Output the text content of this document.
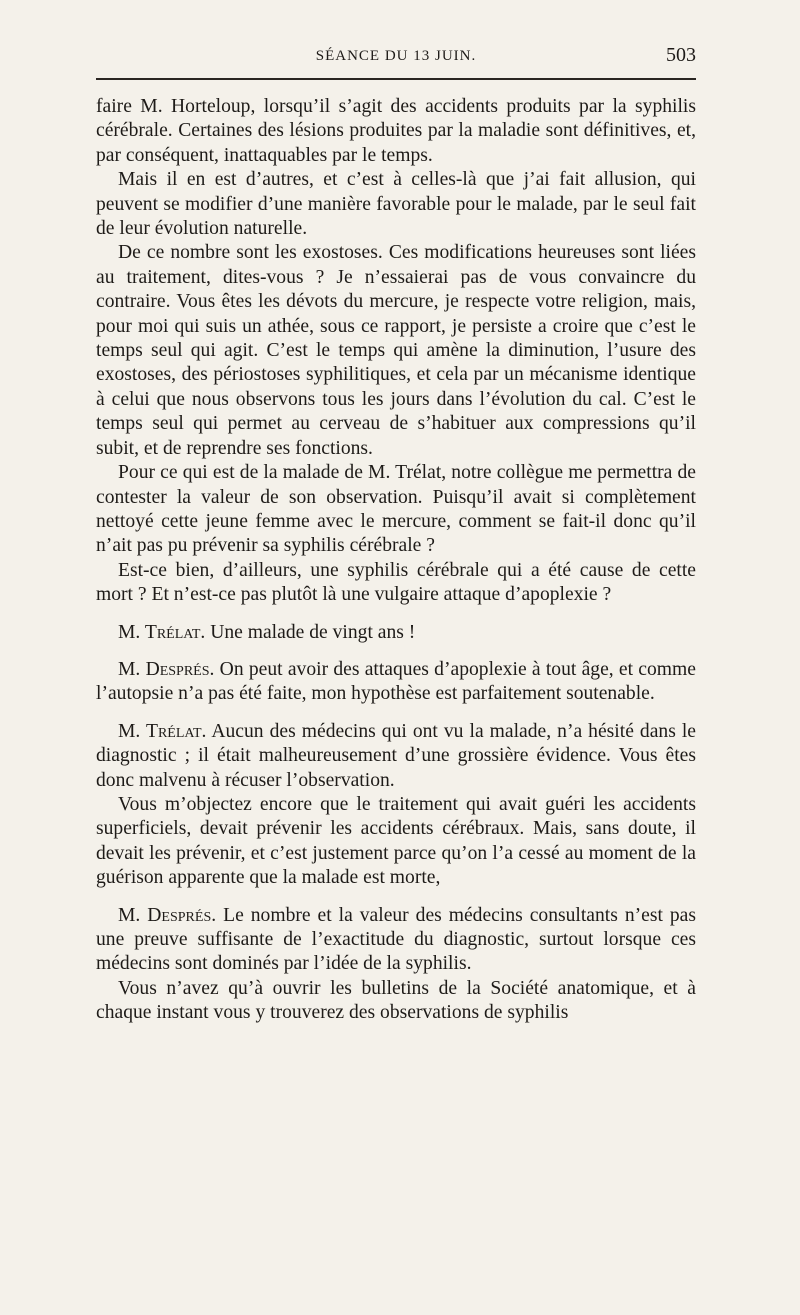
SÉANCE DU 13 JUIN.	503

faire M. Horteloup, lorsqu’il s’agit des accidents produits par la syphilis cérébrale. Certaines des lésions produites par la maladie sont définitives, et, par conséquent, inattaquables par le temps.

Mais il en est d’autres, et c’est à celles-là que j’ai fait allusion, qui peuvent se modifier d’une manière favorable pour le malade, par le seul fait de leur évolution naturelle.

De ce nombre sont les exostoses. Ces modifications heureuses sont liées au traitement, dites-vous ? Je n’essaierai pas de vous convaincre du contraire. Vous êtes les dévots du mercure, je respecte votre religion, mais, pour moi qui suis un athée, sous ce rapport, je persiste a croire que c’est le temps seul qui agit. C’est le temps qui amène la diminution, l’usure des exostoses, des périostoses syphilitiques, et cela par un mécanisme identique à celui que nous observons tous les jours dans l’évolution du cal. C’est le temps seul qui permet au cerveau de s’habituer aux compressions qu’il subit, et de reprendre ses fonctions.

Pour ce qui est de la malade de M. Trélat, notre collègue me permettra de contester la valeur de son observation. Puisqu’il avait si complètement nettoyé cette jeune femme avec le mercure, comment se fait-il donc qu’il n’ait pas pu prévenir sa syphilis cérébrale ?

Est-ce bien, d’ailleurs, une syphilis cérébrale qui a été cause de cette mort ? Et n’est-ce pas plutôt là une vulgaire attaque d’apoplexie ?

M. Trélat. Une malade de vingt ans !

M. Després. On peut avoir des attaques d’apoplexie à tout âge, et comme l’autopsie n’a pas été faite, mon hypothèse est parfaitement soutenable.

M. Trélat. Aucun des médecins qui ont vu la malade, n’a hésité dans le diagnostic ; il était malheureusement d’une grossière évidence. Vous êtes donc malvenu à récuser l’observation.

Vous m’objectez encore que le traitement qui avait guéri les accidents superficiels, devait prévenir les accidents cérébraux. Mais, sans doute, il devait les prévenir, et c’est justement parce qu’on l’a cessé au moment de la guérison apparente que la malade est morte,

M. Després. Le nombre et la valeur des médecins consultants n’est pas une preuve suffisante de l’exactitude du diagnostic, surtout lorsque ces médecins sont dominés par l’idée de la syphilis.

Vous n’avez qu’à ouvrir les bulletins de la Société anatomique, et à chaque instant vous y trouverez des observations de syphilis
